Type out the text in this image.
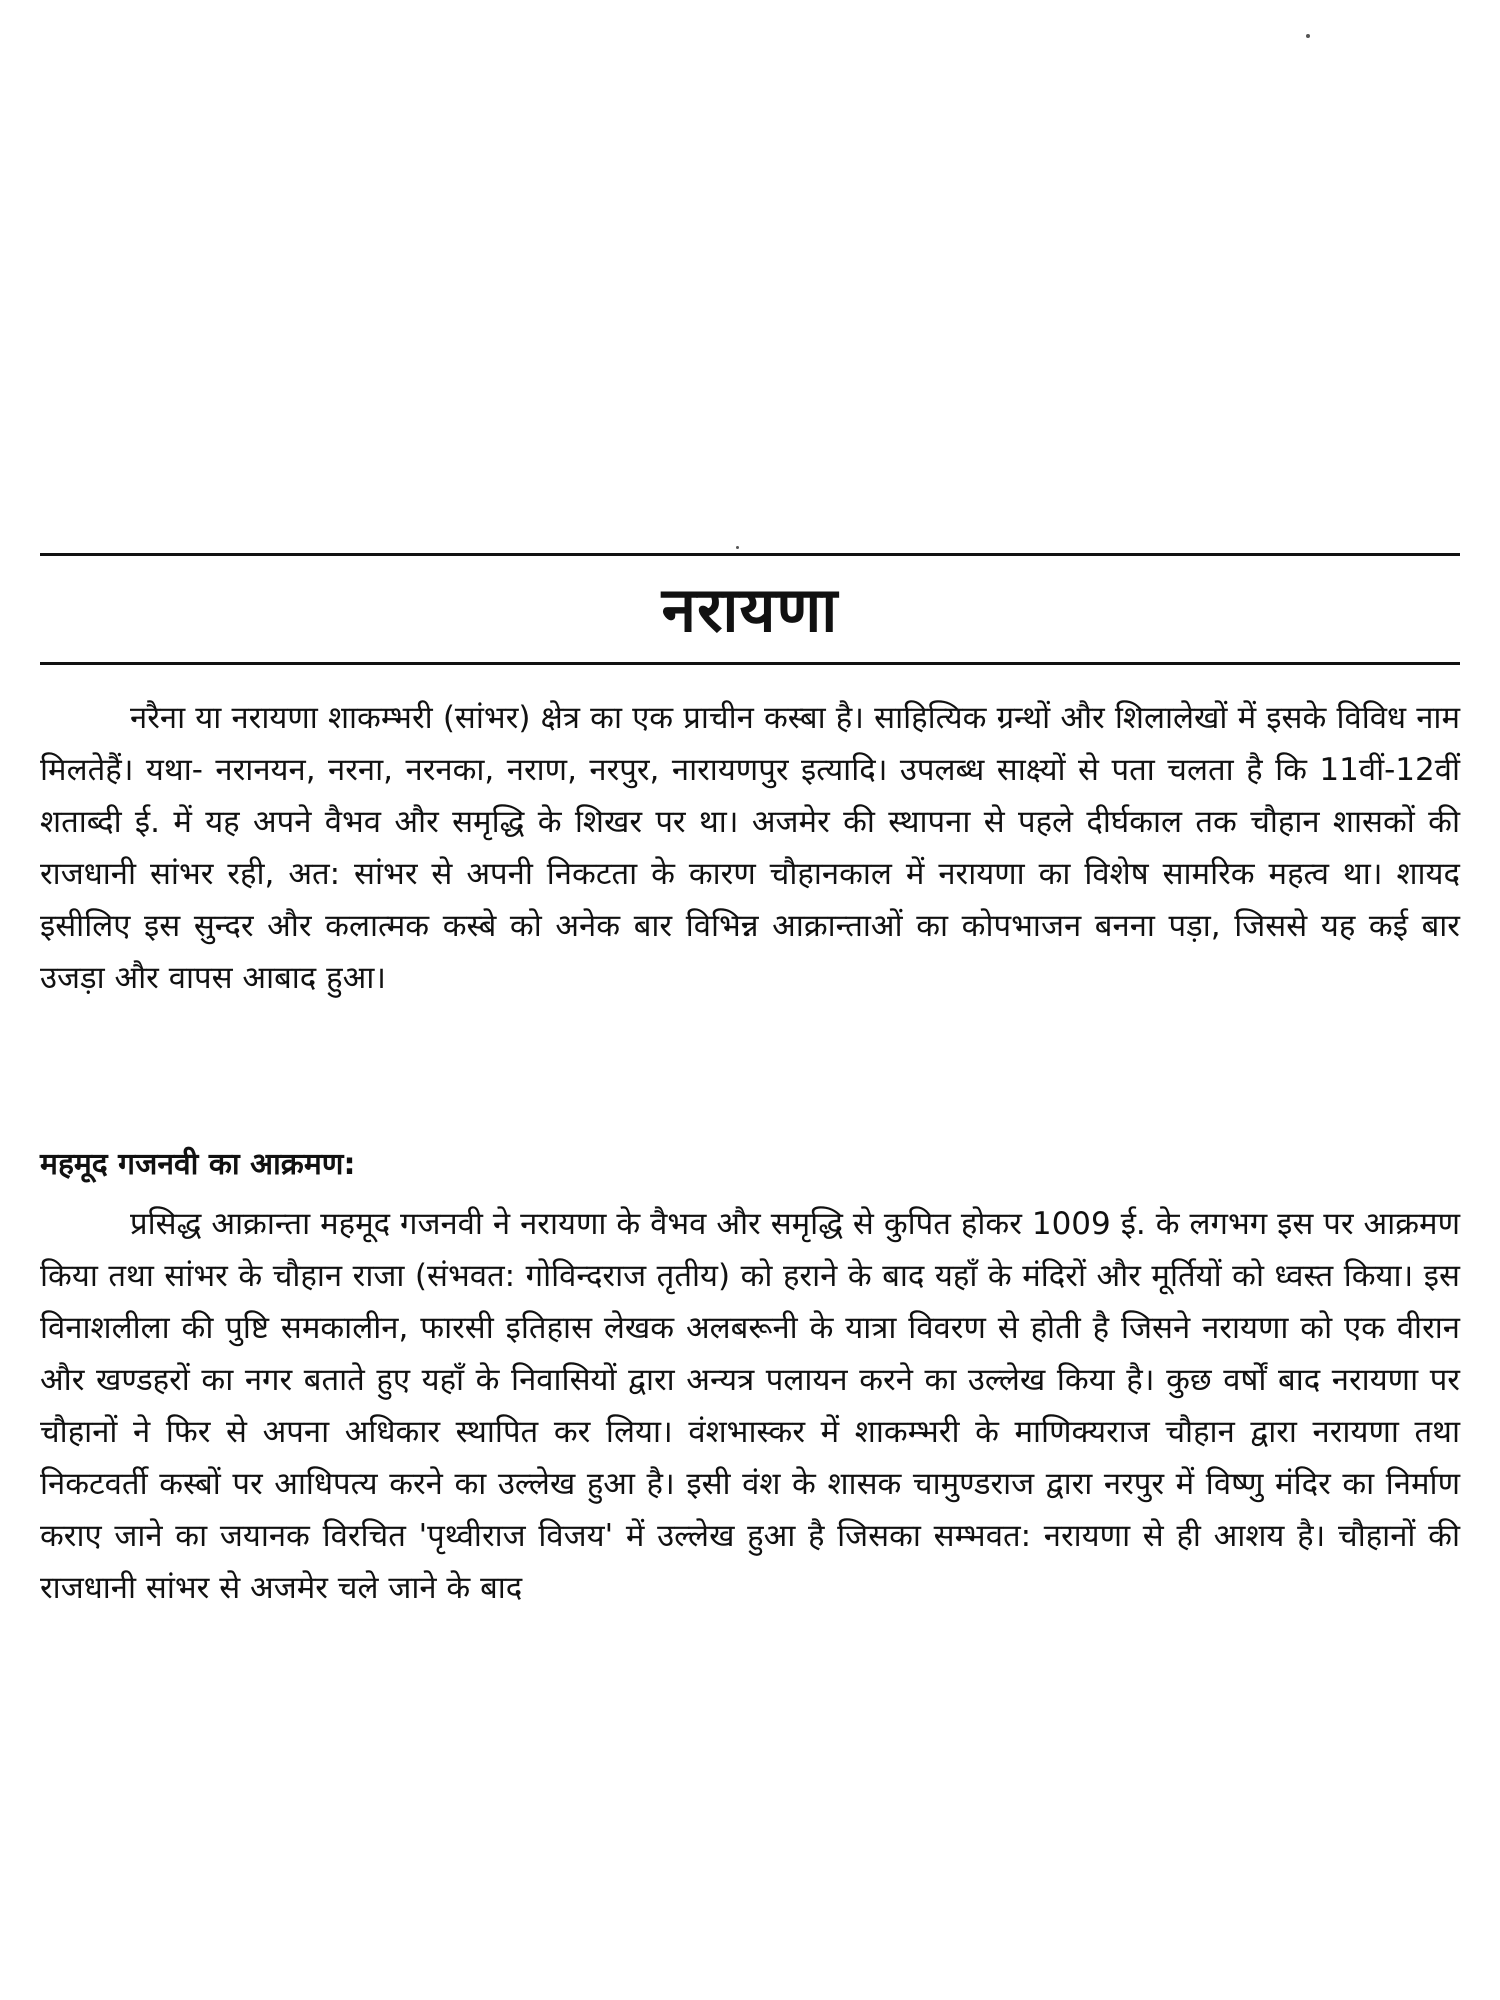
नरायणा

नरैना या नरायणा शाकम्भरी (सांभर) क्षेत्र का एक प्राचीन कस्बा है। साहित्यिक ग्रन्थों और शिलालेखों में इसके विविध नाम मिलतेहैं। यथा- नरानयन, नरना, नरनका, नराण, नरपुर, नारायणपुर इत्यादि। उपलब्ध साक्ष्यों से पता चलता है कि 11वीं-12वीं शताब्दी ई. में यह अपने वैभव और समृद्धि के शिखर पर था। अजमेर की स्थापना से पहले दीर्घकाल तक चौहान शासकों की राजधानी सांभर रही, अत: सांभर से अपनी निकटता के कारण चौहानकाल में नरायणा का विशेष सामरिक महत्व था। शायद इसीलिए इस सुन्दर और कलात्मक कस्बे को अनेक बार विभिन्न आक्रान्ताओं का कोपभाजन बनना पड़ा, जिससे यह कई बार उजड़ा और वापस आबाद हुआ।

महमूद गजनवी का आक्रमण:

प्रसिद्ध आक्रान्ता महमूद गजनवी ने नरायणा के वैभव और समृद्धि से कुपित होकर 1009 ई. के लगभग इस पर आक्रमण किया तथा सांभर के चौहान राजा (संभवत: गोविन्दराज तृतीय) को हराने के बाद यहाँ के मंदिरों और मूर्तियों को ध्वस्त किया। इस विनाशलीला की पुष्टि समकालीन, फारसी इतिहास लेखक अलबरूनी के यात्रा विवरण से होती है जिसने नरायणा को एक वीरान और खण्डहरों का नगर बताते हुए यहाँ के निवासियों द्वारा अन्यत्र पलायन करने का उल्लेख किया है। कुछ वर्षों बाद नरायणा पर चौहानों ने फिर से अपना अधिकार स्थापित कर लिया। वंशभास्कर में शाकम्भरी के माणिक्यराज चौहान द्वारा नरायणा तथा निकटवर्ती कस्बों पर आधिपत्य करने का उल्लेख हुआ है। इसी वंश के शासक चामुण्डराज द्वारा नरपुर में विष्णु मंदिर का निर्माण कराए जाने का जयानक विरचित 'पृथ्वीराज विजय' में उल्लेख हुआ है जिसका सम्भवत: नरायणा से ही आशय है। चौहानों की राजधानी सांभर से अजमेर चले जाने के बाद
